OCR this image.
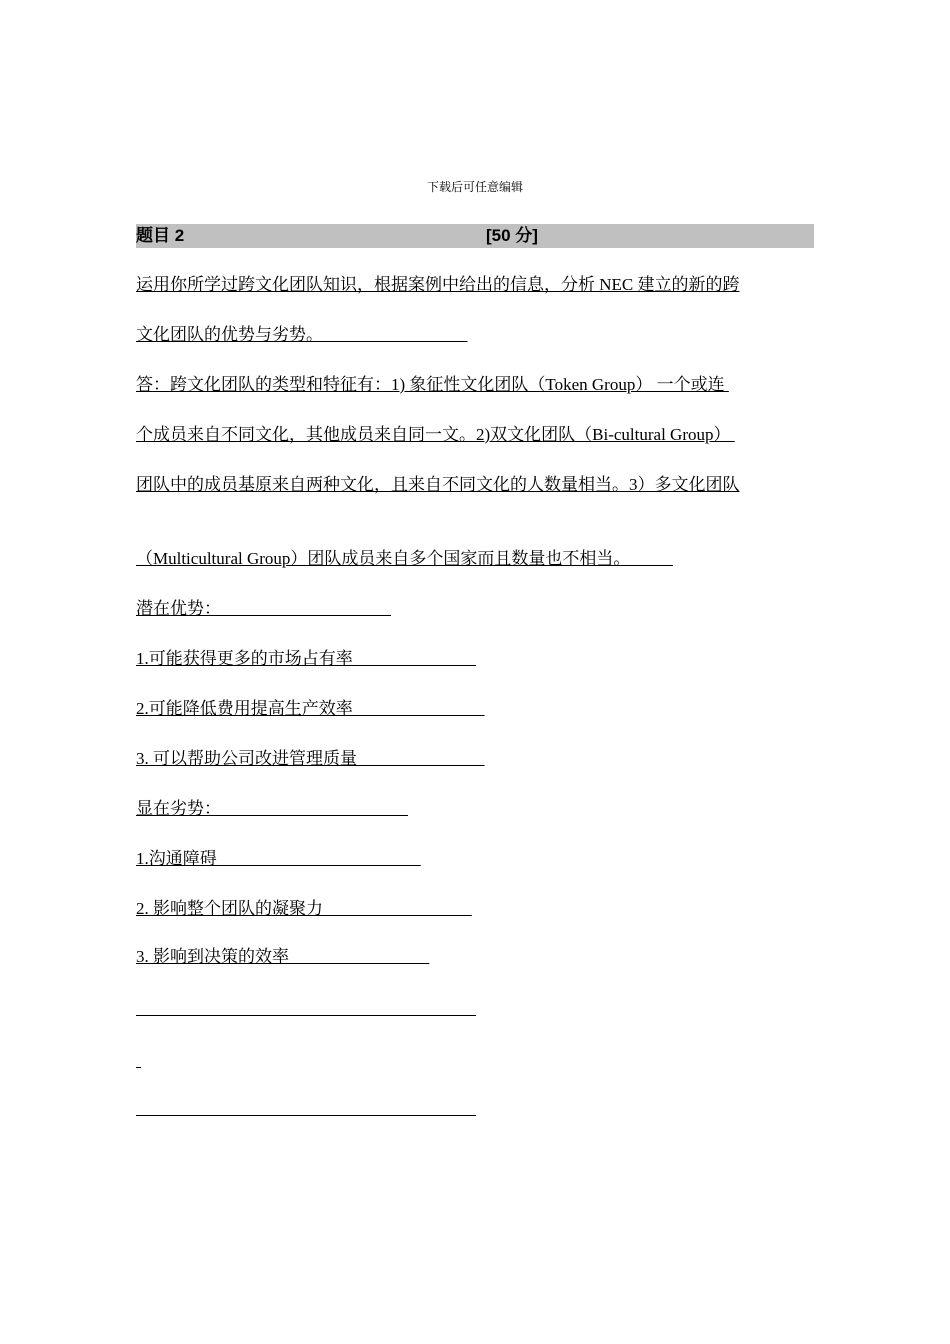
下载后可任意编辑
题目 2	[50 分]
运用你所学过跨文化团队知识，根据案例中给出的信息，分析 NEC 建立的新的跨
文化团队的优势与劣势。
答：跨文化团队的类型和特征有：1) 象征性文化团队（Token Group） 一个或连
个成员来自不同文化，其他成员来自同一文。2)双文化团队（Bi-cultural Group）
团队中的成员基原来自两种文化，且来自不同文化的人数量相当。3）多文化团队
（Multicultural Group）团队成员来自多个国家而且数量也不相当。
潜在优势：
1.可能获得更多的市场占有率
2.可能降低费用提高生产效率
3. 可以帮助公司改进管理质量
显在劣势：
1.沟通障碍
2. 影响整个团队的凝聚力
3. 影响到决策的效率
